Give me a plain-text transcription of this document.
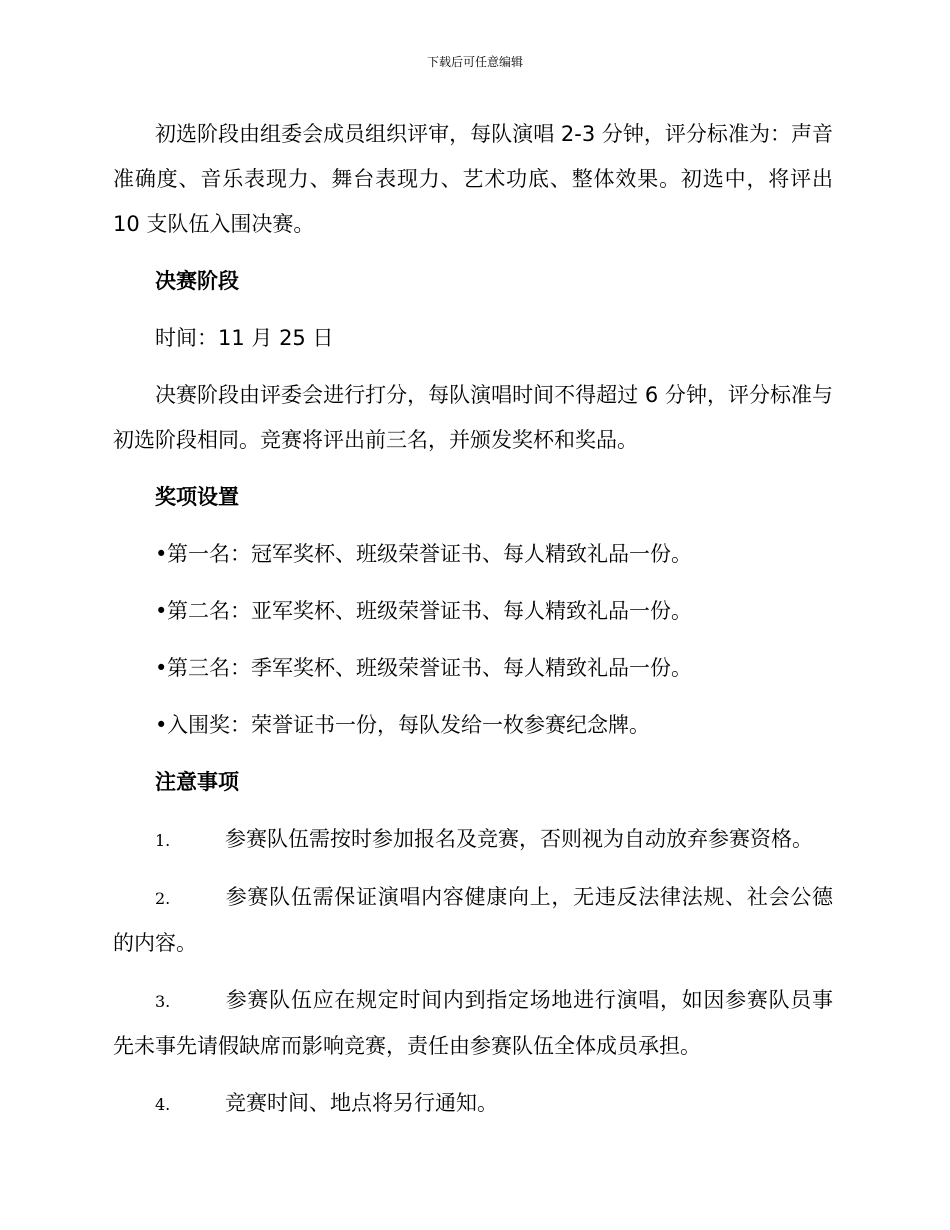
下载后可任意编辑

初选阶段由组委会成员组织评审，每队演唱 2-3 分钟，评分标准为：声音准确度、音乐表现力、舞台表现力、艺术功底、整体效果。初选中，将评出 10 支队伍入围决赛。

决赛阶段

时间：11 月 25 日

决赛阶段由评委会进行打分，每队演唱时间不得超过 6 分钟，评分标准与初选阶段相同。竞赛将评出前三名，并颁发奖杯和奖品。

奖项设置

•第一名：冠军奖杯、班级荣誉证书、每人精致礼品一份。

•第二名：亚军奖杯、班级荣誉证书、每人精致礼品一份。

•第三名：季军奖杯、班级荣誉证书、每人精致礼品一份。

•入围奖：荣誉证书一份，每队发给一枚参赛纪念牌。

注意事项

1.	参赛队伍需按时参加报名及竞赛，否则视为自动放弃参赛资格。

2.	参赛队伍需保证演唱内容健康向上，无违反法律法规、社会公德的内容。

3.	参赛队伍应在规定时间内到指定场地进行演唱，如因参赛队员事先未事先请假缺席而影响竞赛，责任由参赛队伍全体成员承担。

4.	竞赛时间、地点将另行通知。
